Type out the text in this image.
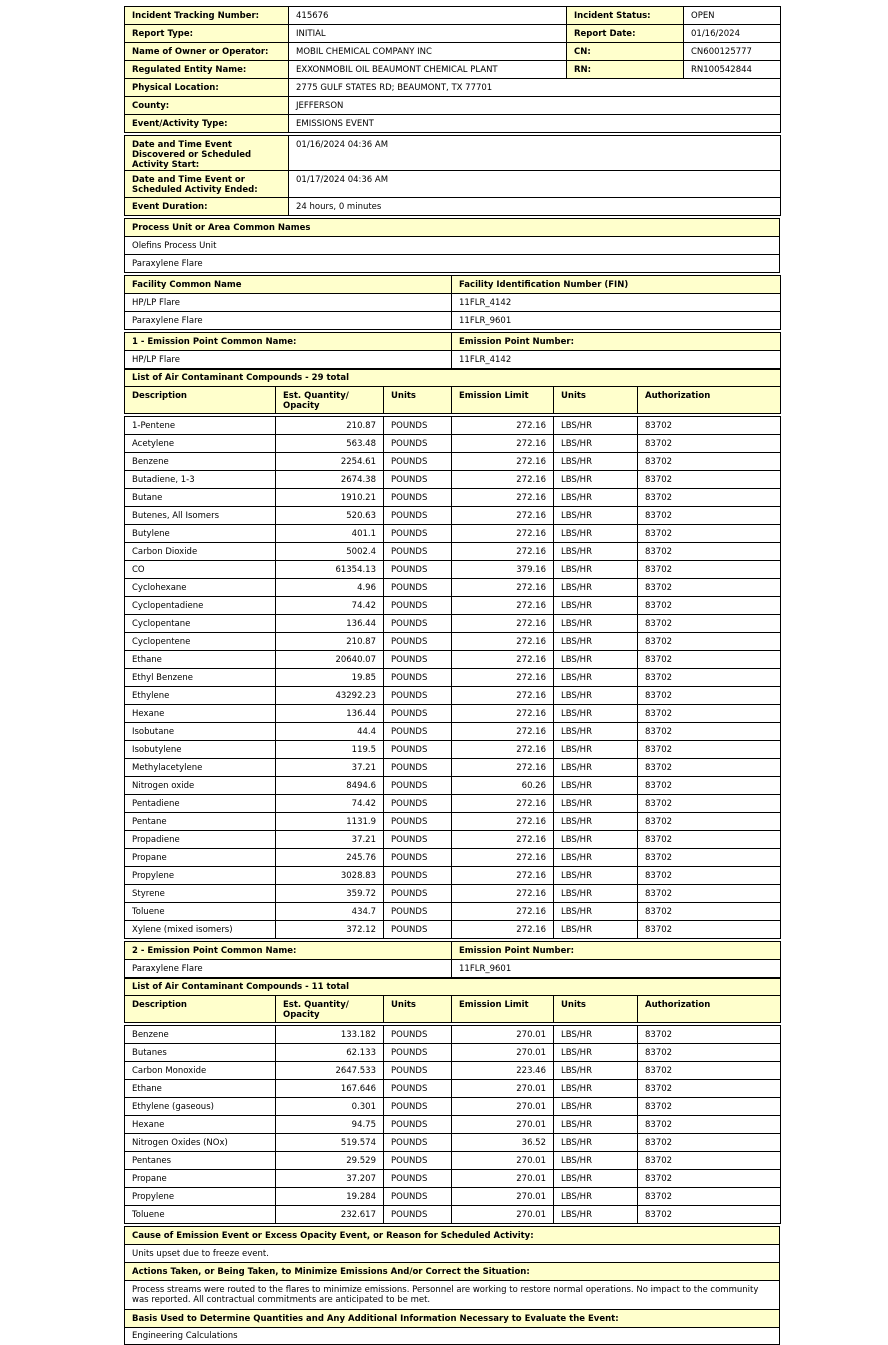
Incident Tracking Number:	415676	Incident Status:	OPEN
Report Type:	INITIAL	Report Date:	01/16/2024
Name of Owner or Operator:	MOBIL CHEMICAL COMPANY INC	CN:	CN600125777
Regulated Entity Name:	EXXONMOBIL OIL BEAUMONT CHEMICAL PLANT	RN:	RN100542844
Physical Location:	2775 GULF STATES RD; BEAUMONT, TX 77701		
County:	JEFFERSON		
Event/Activity Type:	EMISSIONS EVENT		

Date and Time Event Discovered or Scheduled Activity Start:	01/16/2024 04:36 AM		
Date and Time Event or Scheduled Activity Ended:	01/17/2024 04:36 AM		
Event Duration:	24 hours, 0 minutes		

Process Unit or Area Common Names
Olefins Process Unit
Paraxylene Flare

Facility Common Name	Facility Identification Number (FIN)
HP/LP Flare	11FLR_4142
Paraxylene Flare	11FLR_9601

1 - Emission Point Common Name:	Emission Point Number:
HP/LP Flare	11FLR_4142
List of Air Contaminant Compounds - 29 total					
Description	Est. Quantity/ Opacity	Units	Emission Limit	Units	Authorization

1-Pentene	210.87	POUNDS	272.16	LBS/HR	83702
Acetylene	563.48	POUNDS	272.16	LBS/HR	83702
Benzene	2254.61	POUNDS	272.16	LBS/HR	83702
Butadiene, 1-3	2674.38	POUNDS	272.16	LBS/HR	83702
Butane	1910.21	POUNDS	272.16	LBS/HR	83702
Butenes, All Isomers	520.63	POUNDS	272.16	LBS/HR	83702
Butylene	401.1	POUNDS	272.16	LBS/HR	83702
Carbon Dioxide	5002.4	POUNDS	272.16	LBS/HR	83702
CO	61354.13	POUNDS	379.16	LBS/HR	83702
Cyclohexane	4.96	POUNDS	272.16	LBS/HR	83702
Cyclopentadiene	74.42	POUNDS	272.16	LBS/HR	83702
Cyclopentane	136.44	POUNDS	272.16	LBS/HR	83702
Cyclopentene	210.87	POUNDS	272.16	LBS/HR	83702
Ethane	20640.07	POUNDS	272.16	LBS/HR	83702
Ethyl Benzene	19.85	POUNDS	272.16	LBS/HR	83702
Ethylene	43292.23	POUNDS	272.16	LBS/HR	83702
Hexane	136.44	POUNDS	272.16	LBS/HR	83702
Isobutane	44.4	POUNDS	272.16	LBS/HR	83702
Isobutylene	119.5	POUNDS	272.16	LBS/HR	83702
Methylacetylene	37.21	POUNDS	272.16	LBS/HR	83702
Nitrogen oxide	8494.6	POUNDS	60.26	LBS/HR	83702
Pentadiene	74.42	POUNDS	272.16	LBS/HR	83702
Pentane	1131.9	POUNDS	272.16	LBS/HR	83702
Propadiene	37.21	POUNDS	272.16	LBS/HR	83702
Propane	245.76	POUNDS	272.16	LBS/HR	83702
Propylene	3028.83	POUNDS	272.16	LBS/HR	83702
Styrene	359.72	POUNDS	272.16	LBS/HR	83702
Toluene	434.7	POUNDS	272.16	LBS/HR	83702
Xylene (mixed isomers)	372.12	POUNDS	272.16	LBS/HR	83702
2 - Emission Point Common Name:	Emission Point Number:
Paraxylene Flare	11FLR_9601
List of Air Contaminant Compounds - 11 total					
Description	Est. Quantity/ Opacity	Units	Emission Limit	Units	Authorization

Benzene	133.182	POUNDS	270.01	LBS/HR	83702
Butanes	62.133	POUNDS	270.01	LBS/HR	83702
Carbon Monoxide	2647.533	POUNDS	223.46	LBS/HR	83702
Ethane	167.646	POUNDS	270.01	LBS/HR	83702
Ethylene (gaseous)	0.301	POUNDS	270.01	LBS/HR	83702
Hexane	94.75	POUNDS	270.01	LBS/HR	83702
Nitrogen Oxides (NOx)	519.574	POUNDS	36.52	LBS/HR	83702
Pentanes	29.529	POUNDS	270.01	LBS/HR	83702
Propane	37.207	POUNDS	270.01	LBS/HR	83702
Propylene	19.284	POUNDS	270.01	LBS/HR	83702
Toluene	232.617	POUNDS	270.01	LBS/HR	83702
Cause of Emission Event or Excess Opacity Event, or Reason for Scheduled Activity:
Units upset due to freeze event.
Actions Taken, or Being Taken, to Minimize Emissions And/or Correct the Situation:
Process streams were routed to the flares to minimize emissions. Personnel are working to restore normal operations. No impact to the community was reported. All contractual commitments are anticipated to be met.
Basis Used to Determine Quantities and Any Additional Information Necessary to Evaluate the Event:
Engineering Calculations
